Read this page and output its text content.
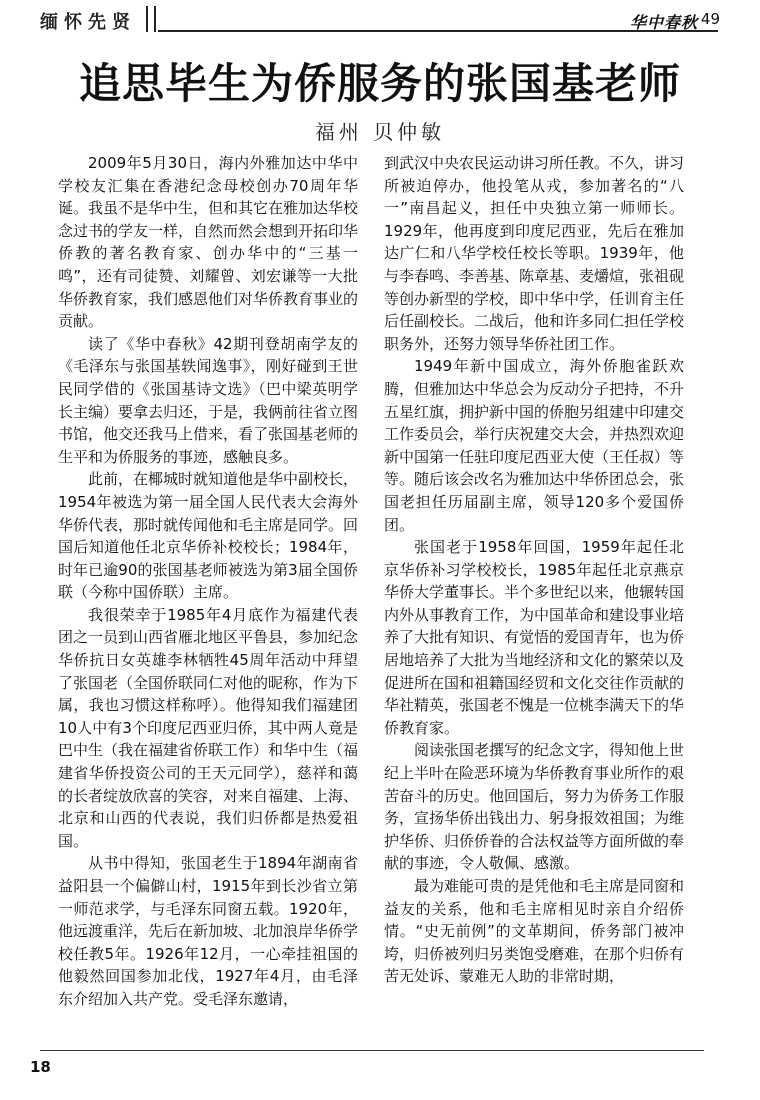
缅怀先贤	华中春秋 49
追思毕生为侨服务的张国基老师
福州 贝仲敏

2009年5月30日，海内外雅加达中华中学校友汇集在香港纪念母校创办70周年华诞。我虽不是华中生，但和其它在雅加达华校念过书的学友一样，自然而然会想到开拓印华侨教的著名教育家、创办华中的“三基一鸣”，还有司徒赞、刘耀曾、刘宏谦等一大批华侨教育家，我们感恩他们对华侨教育事业的贡献。

读了《华中春秋》42期刊登胡南学友的《毛泽东与张国基轶闻逸事》，刚好碰到王世民同学借的《张国基诗文选》（巴中梁英明学长主编）要拿去归还，于是，我俩前往省立图书馆，他交还我马上借来，看了张国基老师的生平和为侨服务的事迹，感触良多。

此前，在椰城时就知道他是华中副校长，1954年被选为第一届全国人民代表大会海外华侨代表，那时就传闻他和毛主席是同学。回国后知道他任北京华侨补校校长；1984年，时年已逾90的张国基老师被选为第3届全国侨联（今称中国侨联）主席。

我很荣幸于1985年4月底作为福建代表团之一员到山西省雁北地区平鲁县，参加纪念华侨抗日女英雄李林牺牲45周年活动中拜望了张国老（全国侨联同仁对他的昵称，作为下属，我也习惯这样称呼）。他得知我们福建团10人中有3个印度尼西亚归侨，其中两人竟是巴中生（我在福建省侨联工作）和华中生（福建省华侨投资公司的王天元同学），慈祥和蔼的长者绽放欣喜的笑容，对来自福建、上海、北京和山西的代表说，我们归侨都是热爱祖国。

从书中得知，张国老生于1894年湖南省益阳县一个偏僻山村，1915年到长沙省立第一师范求学，与毛泽东同窗五载。1920年，他远渡重洋，先后在新加坡、北加浪岸华侨学校任教5年。1926年12月，一心牵挂祖国的他毅然回国参加北伐，1927年4月，由毛泽东介绍加入共产党。受毛泽东邀请，

到武汉中央农民运动讲习所任教。不久，讲习所被迫停办，他投笔从戎，参加著名的“八一”南昌起义，担任中央独立第一师师长。1929年，他再度到印度尼西亚，先后在雅加达广仁和八华学校任校长等职。1939年，他与李春鸣、李善基、陈章基、麦爝煊，张祖砚等创办新型的学校，即中华中学，任训育主任后任副校长。二战后，他和许多同仁担任学校职务外，还努力领导华侨社团工作。

1949年新中国成立，海外侨胞雀跃欢腾，但雅加达中华总会为反动分子把持，不升五星红旗，拥护新中国的侨胞另组建中印建交工作委员会，举行庆祝建交大会，并热烈欢迎新中国第一任驻印度尼西亚大使（王任叔）等等。随后该会改名为雅加达中华侨团总会，张国老担任历届副主席，领导120多个爱国侨团。

张国老于1958年回国，1959年起任北京华侨补习学校校长，1985年起任北京燕京华侨大学董事长。半个多世纪以来，他辗转国内外从事教育工作，为中国革命和建设事业培养了大批有知识、有觉悟的爱国青年，也为侨居地培养了大批为当地经济和文化的繁荣以及促进所在国和祖籍国经贸和文化交往作贡献的华社精英，张国老不愧是一位桃李满天下的华侨教育家。

阅读张国老撰写的纪念文字，得知他上世纪上半叶在险恶环境为华侨教育事业所作的艰苦奋斗的历史。他回国后，努力为侨务工作服务，宣扬华侨出钱出力、躬身报效祖国；为维护华侨、归侨侨眷的合法权益等方面所做的奉献的事迹，令人敬佩、感激。

最为难能可贵的是凭他和毛主席是同窗和益友的关系，他和毛主席相见时亲自介绍侨情。“史无前例”的文革期间，侨务部门被冲垮，归侨被列归另类饱受磨难，在那个归侨有苦无处诉、蒙难无人助的非常时期，

18
